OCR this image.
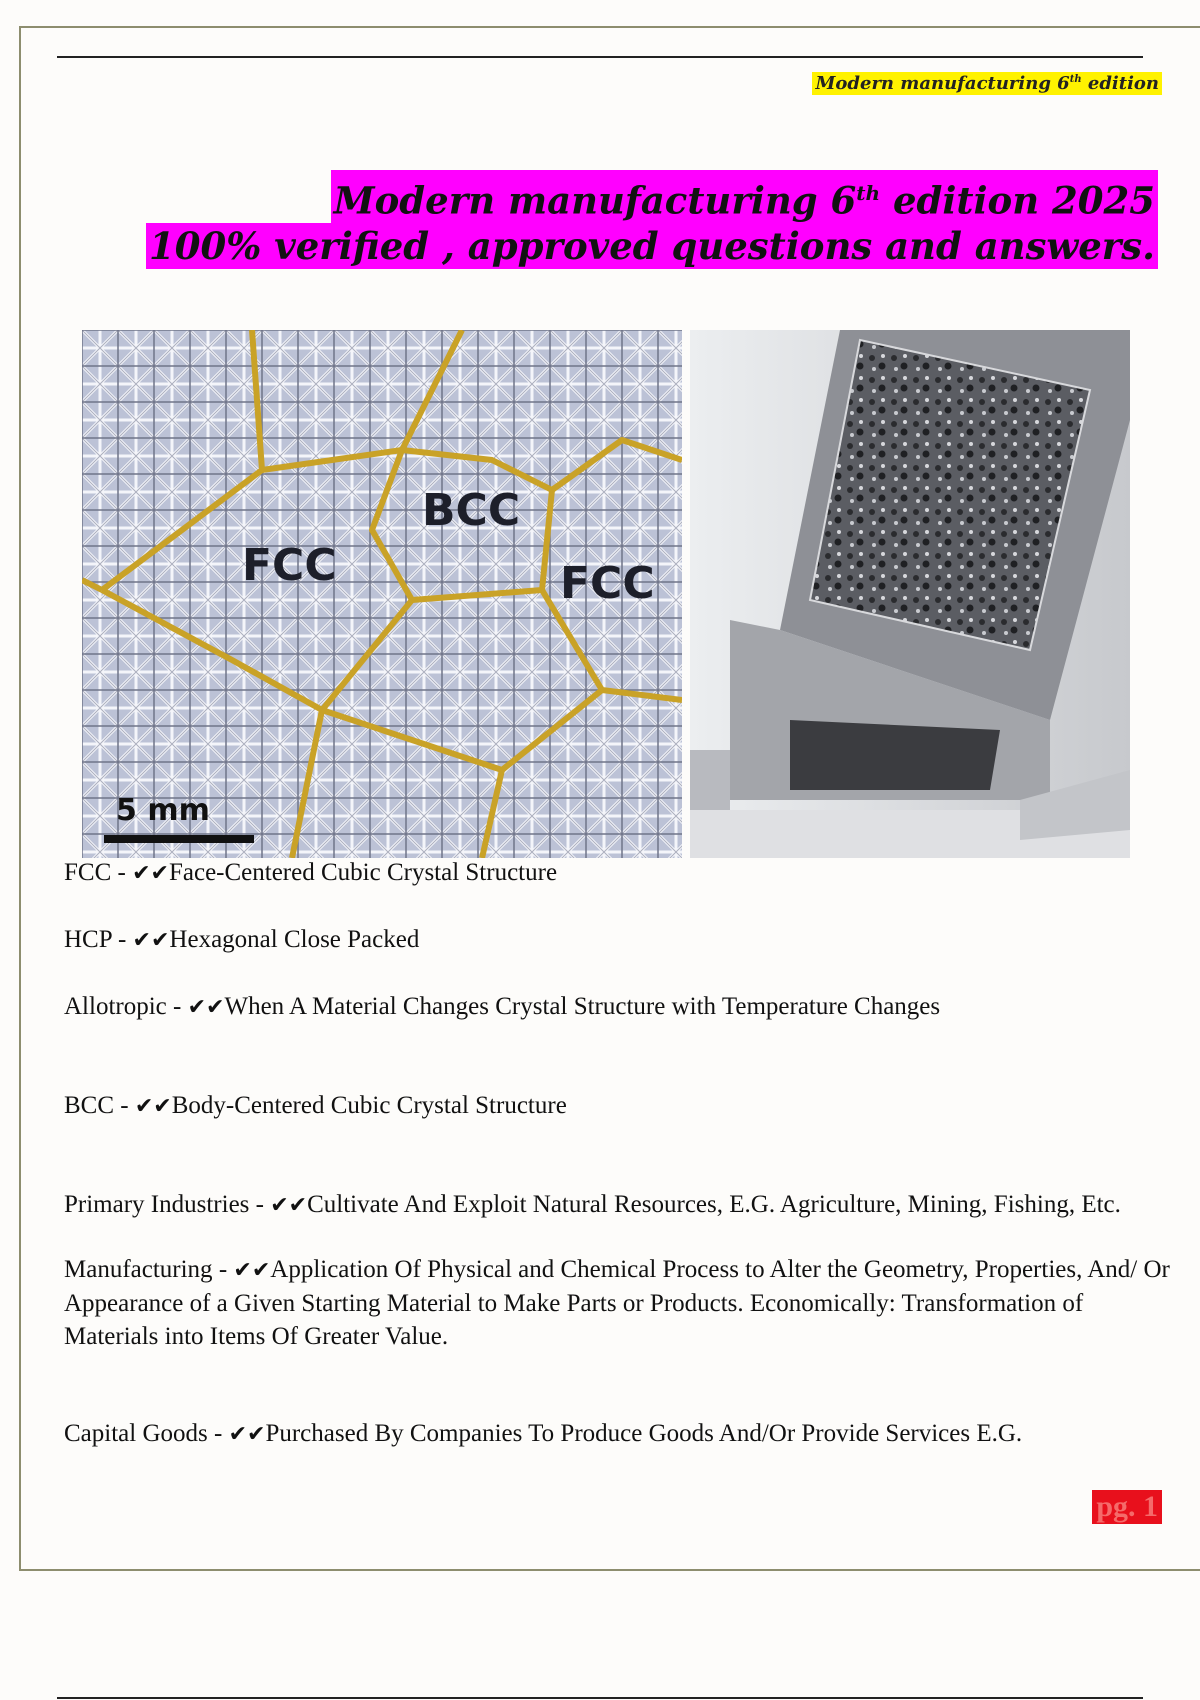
Modern manufacturing 6th edition
Modern manufacturing 6th edition 2025
100% verified , approved questions and answers.
FCC
BCC
FCC
5 mm

FCC - ✔✔Face-Centered Cubic Crystal Structure

HCP - ✔✔Hexagonal Close Packed

Allotropic - ✔✔When A Material Changes Crystal Structure with Temperature Changes

BCC - ✔✔Body-Centered Cubic Crystal Structure

Primary Industries - ✔✔Cultivate And Exploit Natural Resources, E.G. Agriculture, Mining, Fishing, Etc.

Manufacturing - ✔✔Application Of Physical and Chemical Process to Alter the Geometry, Properties, And/ Or Appearance of a Given Starting Material to Make Parts or Products. Economically: Transformation of Materials into Items Of Greater Value.

Capital Goods - ✔✔Purchased By Companies To Produce Goods And/Or Provide Services E.G.

pg. 1
